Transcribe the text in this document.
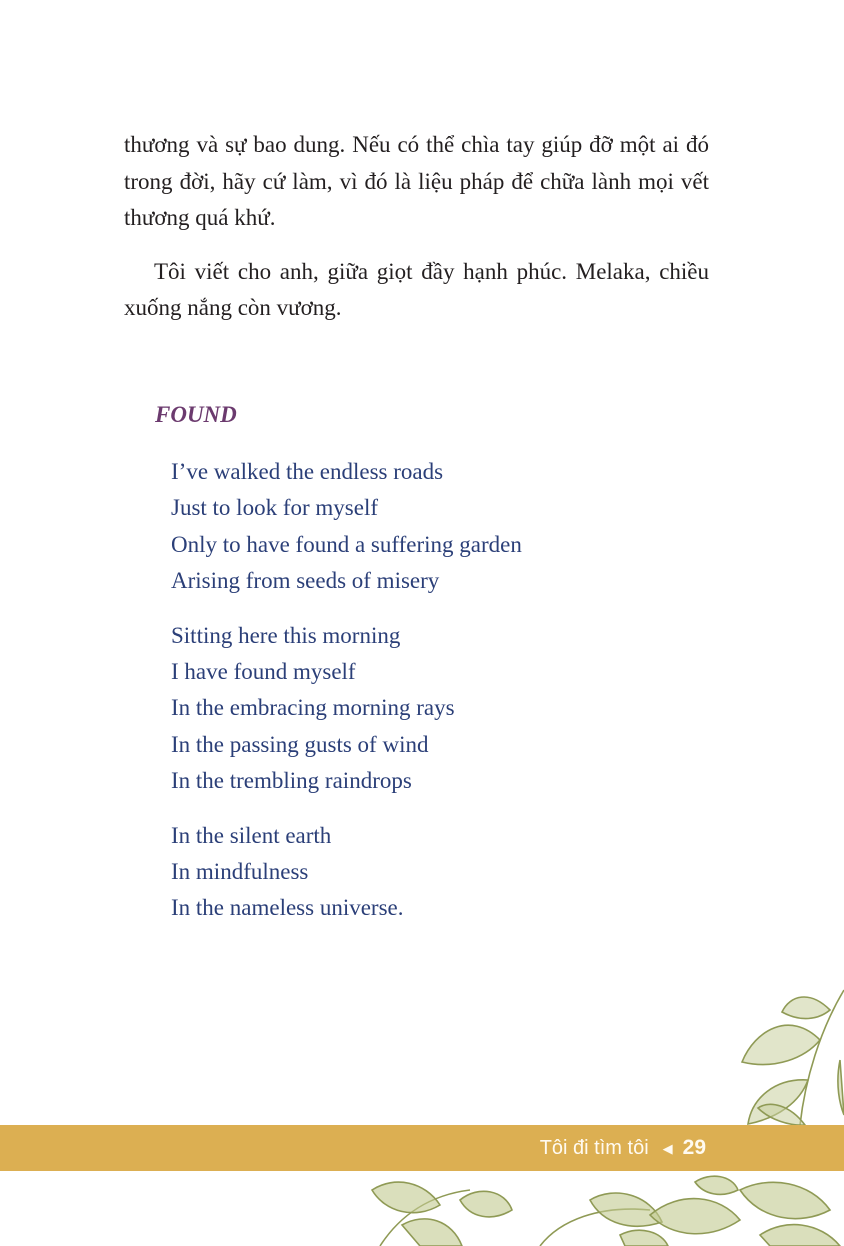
thương và sự bao dung. Nếu có thể chìa tay giúp đỡ một ai đó trong đời, hãy cứ làm, vì đó là liệu pháp để chữa lành mọi vết thương quá khứ.

Tôi viết cho anh, giữa giọt đầy hạnh phúc. Melaka, chiều xuống nắng còn vương.

FOUND
I’ve walked the endless roads
Just to look for myself
Only to have found a suffering garden
Arising from seeds of misery
Sitting here this morning
I have found myself
In the embracing morning rays
In the passing gusts of wind
In the trembling raindrops
In the silent earth
In mindfulness
In the nameless universe.
Tôi đi tìm tôi ◀ 29
